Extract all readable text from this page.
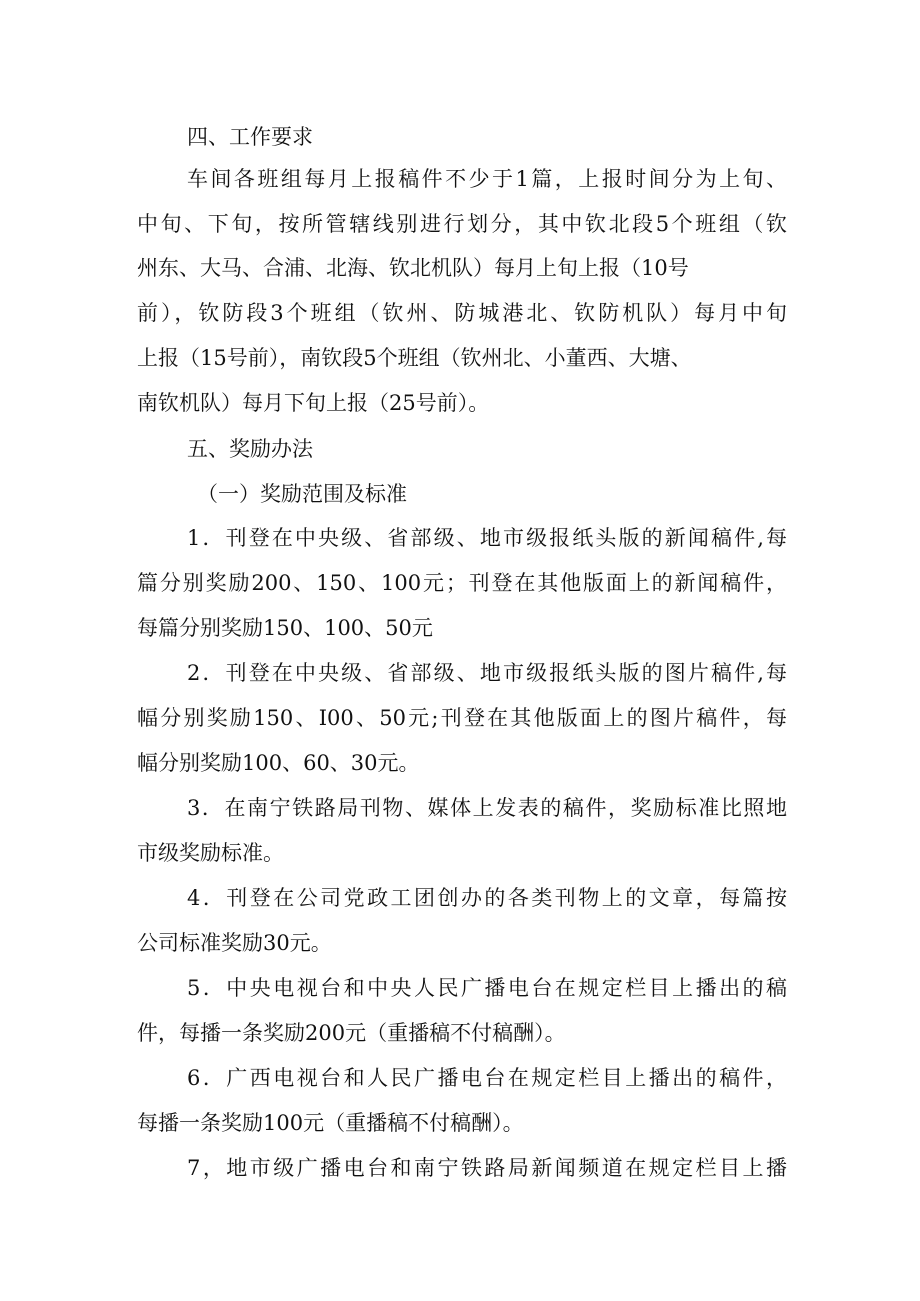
四、工作要求
车间各班组每月上报稿件不少于1篇，上报时间分为上旬、
中旬、下旬，按所管辖线别进行划分，其中钦北段5个班组（钦
州东、大马、合浦、北海、钦北机队）每月上旬上报（10号
前），钦防段3个班组（钦州、防城港北、钦防机队）每月中旬
上报（15号前），南钦段5个班组（钦州北、小董西、大塘、
南钦机队）每月下旬上报（25号前）。
五、奖励办法
（一）奖励范围及标准
1．刊登在中央级、省部级、地市级报纸头版的新闻稿件,每
篇分别奖励200、150、100元；刊登在其他版面上的新闻稿件，
每篇分别奖励150、100、50元
2．刊登在中央级、省部级、地市级报纸头版的图片稿件,每
幅分别奖励150、I00、50元;刊登在其他版面上的图片稿件，每
幅分别奖励100、60、30元。
3．在南宁铁路局刊物、媒体上发表的稿件，奖励标准比照地
市级奖励标准。
4．刊登在公司党政工团创办的各类刊物上的文章，每篇按
公司标准奖励30元。
5．中央电视台和中央人民广播电台在规定栏目上播出的稿
件，每播一条奖励200元（重播稿不付稿酬）。
6．广西电视台和人民广播电台在规定栏目上播出的稿件，
每播一条奖励100元（重播稿不付稿酬）。
7，地市级广播电台和南宁铁路局新闻频道在规定栏目上播
